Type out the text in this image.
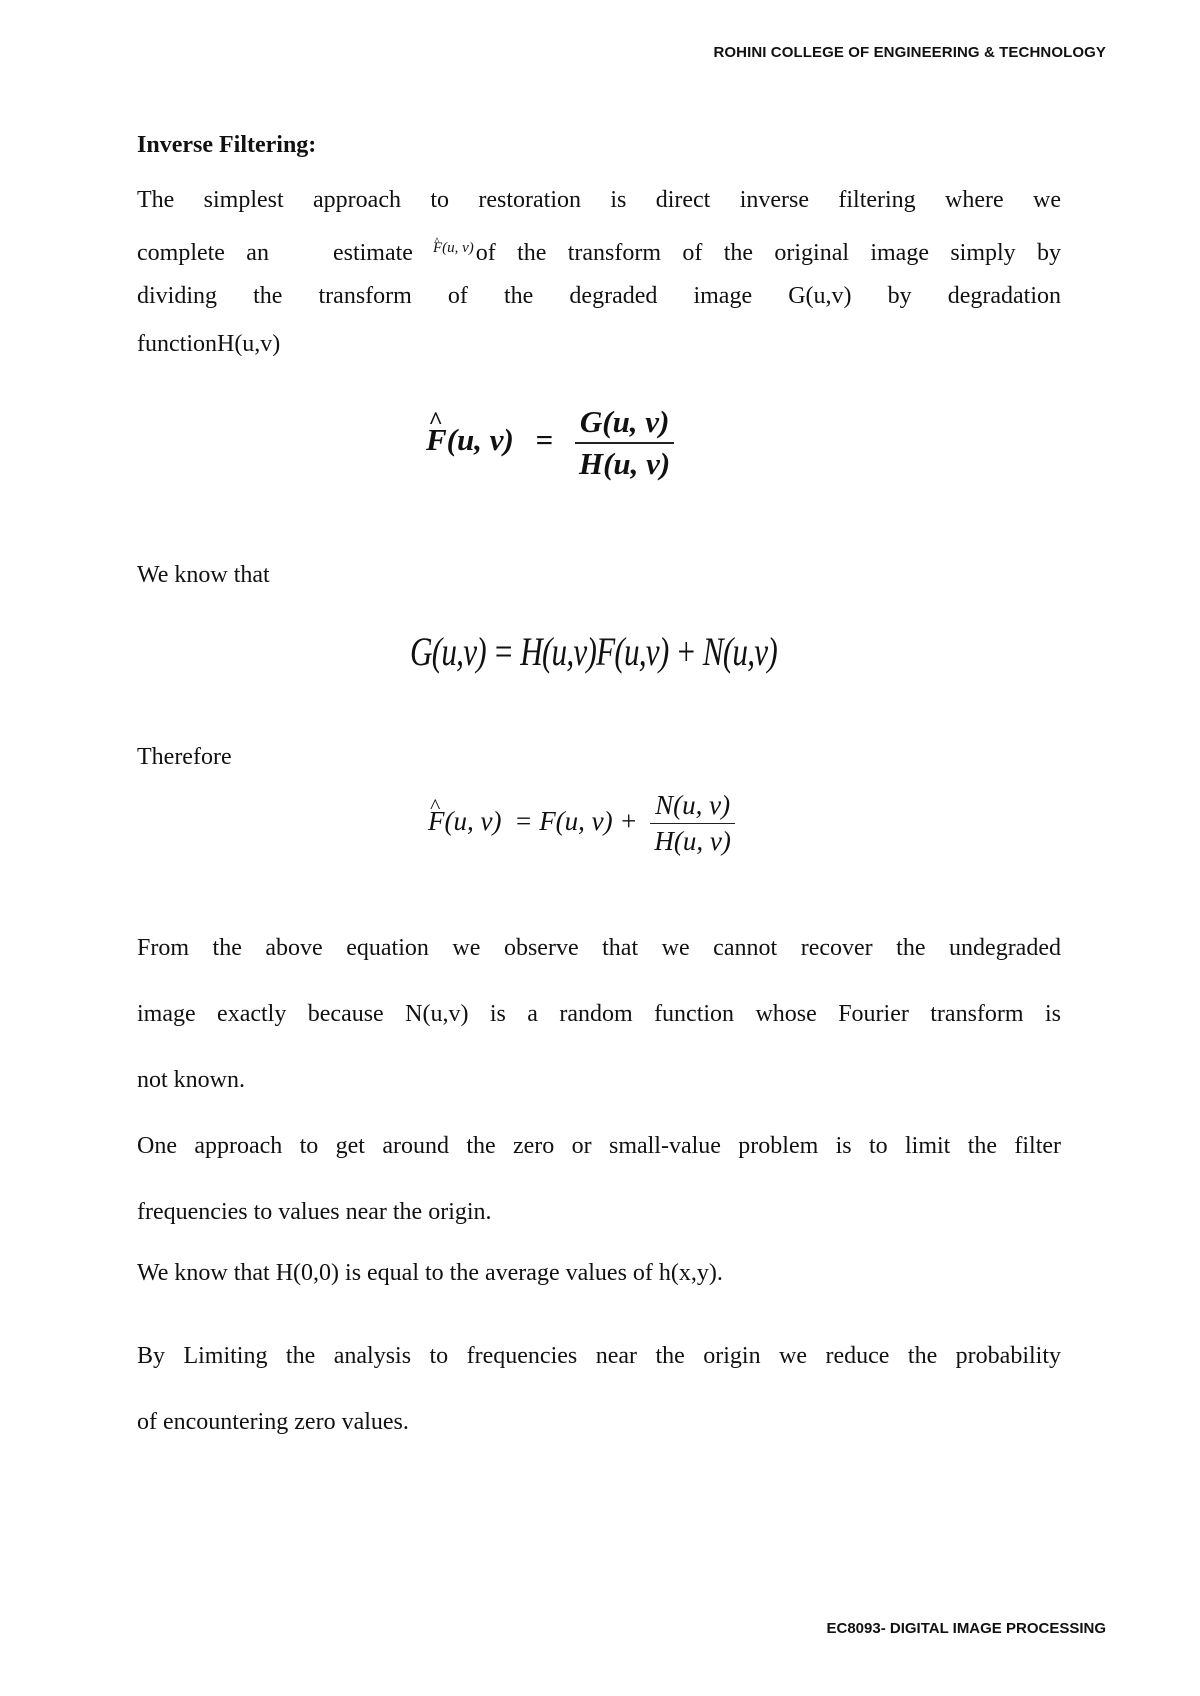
ROHINI COLLEGE OF ENGINEERING & TECHNOLOGY
Inverse Filtering:
The simplest approach to restoration is direct inverse filtering where we
complete an   estimate^ $^{F(u, v)}$of the transform of the original image simply by
dividing the transform of the degraded image G(u,v) by degradation
functionH(u,v)
^ F(u, $v) = \frac{G(u, v)}{H(u, v)}$
We know that
G(u,v) = H(u,v)F(u,v) + N(u,v)
Therefore
^ F(u, v) = F(u, $v) + \frac{N(u, v)}{H(u, v)}$
From the above equation we observe that we cannot recover the undegraded
image exactly because N(u,v) is a random function whose Fourier transform is
not known.
One approach to get around the zero or small-value problem is to limit the filter
frequencies to values near the origin.
We know that H(0,0) is equal to the average values of h(x,y).
By Limiting the analysis to frequencies near the origin we reduce the probability
of encountering zero values.
EC8093- DIGITAL IMAGE PROCESSING
